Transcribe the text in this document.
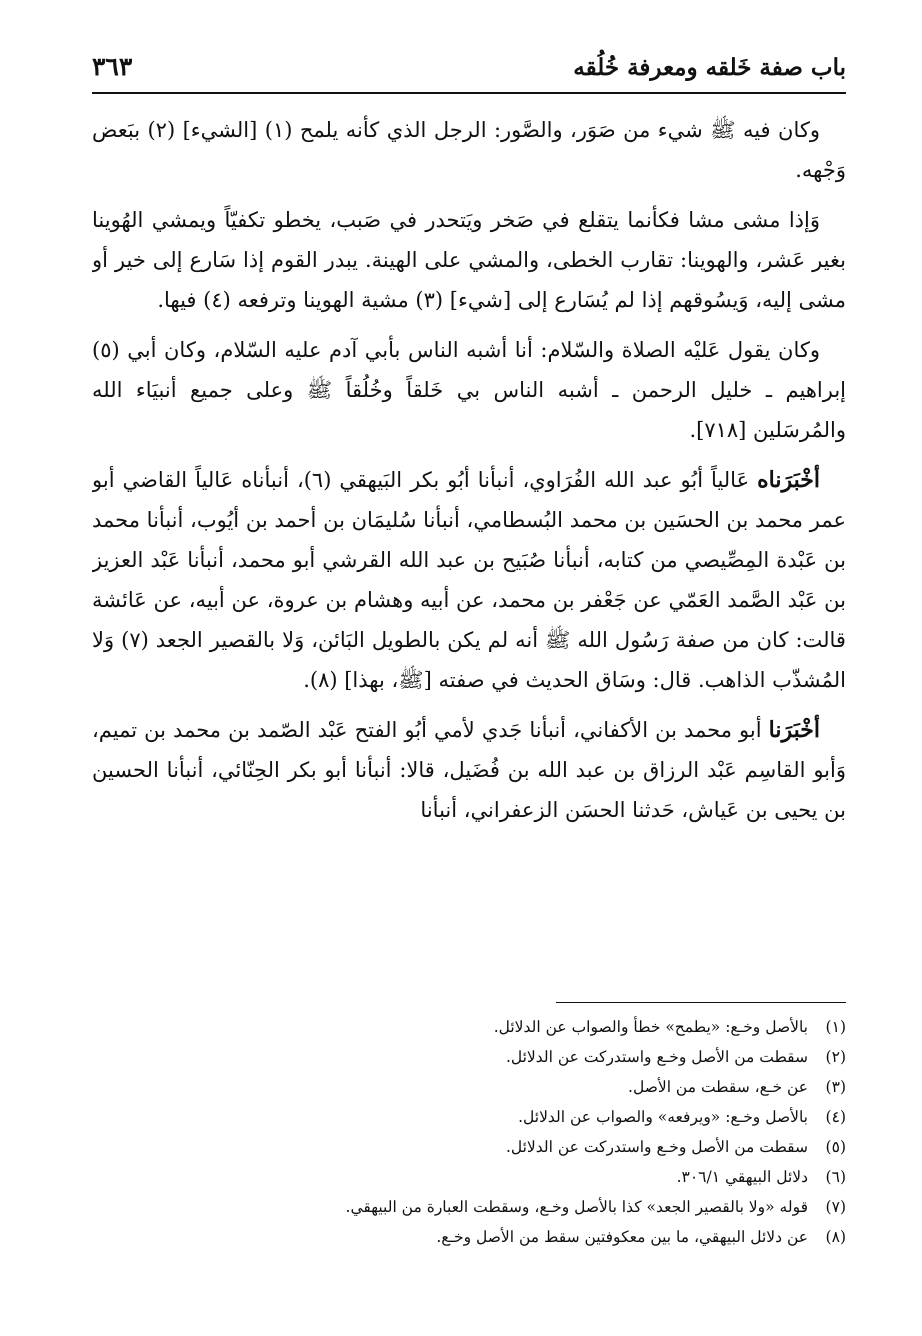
باب صفة خَلقه ومعرفة خُلُقه
٣٦٣

وكان فيه ﷺ شيء من صَوَر، والصَّور: الرجل الذي كأنه يلمح (١) [الشيء] (٢) ببَعض وَجْهه.

وَإذا مشى مشا فكأنما يتقلع في صَخر ويَتحدر في صَبب، يخطو تكفيّاً ويمشي الهُوينا بغير عَشر، والهوينا: تقارب الخطى، والمشي على الهينة. يبدر القوم إذا سَارع إلى خير أو مشى إليه، وَيسُوقهم إذا لم يُسَارع إلى [شيء] (٣) مشية الهوينا وترفعه (٤) فيها.

وكان يقول عَليْه الصلاة والسّلام: أنا أشبه الناس بأبي آدم عليه السّلام، وكان أبي (٥) إبراهيم ـ خليل الرحمن ـ أشبه الناس بي خَلقاً وخُلُقاً ﷺ وعلى جميع أنبيَاء الله والمُرسَلين [٧١٨].

أخْبَرَناه عَالياً أبُو عبد الله الفُرَاوي، أنبأنا أبُو بكر البَيهقي (٦)، أنبأناه عَالياً القاضي أبو عمر محمد بن الحسَين بن محمد البُسطامي، أنبأنا سُليمَان بن أحمد بن أيُوب، أنبأنا محمد بن عَبْدة المِصِّيصي من كتابه، أنبأنا صُبَيح بن عبد الله القرشي أبو محمد، أنبأنا عَبْد العزيز بن عَبْد الصَّمد العَمّي عن جَعْفر بن محمد، عن أبيه وهشام بن عروة، عن أبيه، عن عَائشة قالت: كان من صفة رَسُول الله ﷺ أنه لم يكن بالطويل البَائن، وَلا بالقصير الجعد (٧) وَلا المُشذّب الذاهب. قال: وسَاق الحديث في صفته [ﷺ، بهذا] (٨).

أخْبَرَنا أبو محمد بن الأكفاني، أنبأنا جَدي لأمي أبُو الفتح عَبْد الصّمد بن محمد بن تميم، وَأبو القاسِم عَبْد الرزاق بن عبد الله بن فُضَيل، قالا: أنبأنا أبو بكر الحِنّائي، أنبأنا الحسين بن يحيى بن عَياش، حَدثنا الحسَن الزعفراني، أنبأنا

(١)
بالأصل وخـع: «يطمح» خطأ والصواب عن الدلائل.
(٢)
سقطت من الأصل وخـع واستدركت عن الدلائل.
(٣)
عن خـع، سقطت من الأصل.
(٤)
بالأصل وخـع: «ويرفعه» والصواب عن الدلائل.
(٥)
سقطت من الأصل وخـع واستدركت عن الدلائل.
(٦)
دلائل البيهقي ٣٠٦/١.
(٧)
قوله «ولا بالقصير الجعد» كذا بالأصل وخـع، وسقطت العبارة من البيهقي.
(٨)
عن دلائل البيهقي، ما بين معكوفتين سقط من الأصل وخـع.
